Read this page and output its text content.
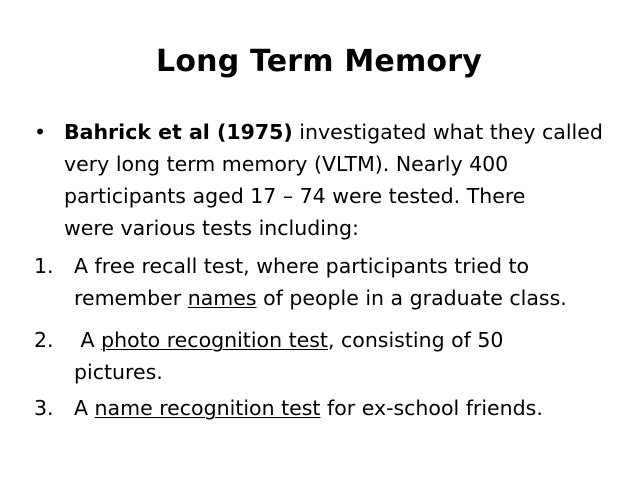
Long Term Memory
• Bahrick et al (1975) investigated what they called
very long term memory (VLTM). Nearly 400
participants aged 17 – 74 were tested. There
were various tests including:
1. A free recall test, where participants tried to
remember names of people in a graduate class.
2. A photo recognition test, consisting of 50
pictures.
3. A name recognition test for ex-school friends.
